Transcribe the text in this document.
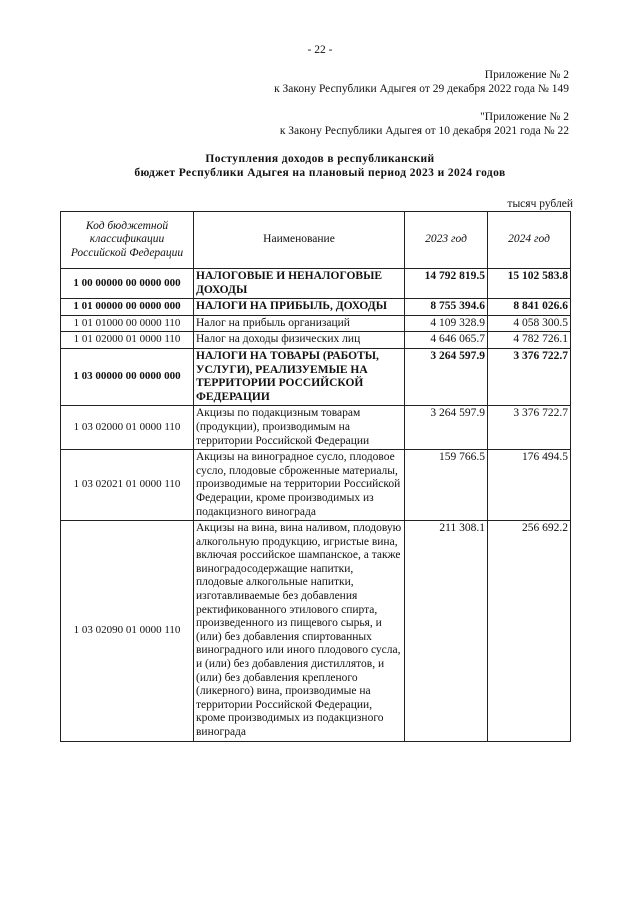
- 22 -
Приложение № 2
к Закону Республики Адыгея от 29 декабря 2022 года № 149
"Приложение № 2
к Закону Республики Адыгея от 10 декабря 2021 года № 22
Поступления доходов в республиканский
бюджет Республики Адыгея на плановый период 2023 и 2024 годов
тысяч рублей
Код бюджетной классификации Российской Федерации	Наименование	2023 год	2024 год
1 00 00000 00 0000 000	НАЛОГОВЫЕ И НЕНАЛОГОВЫЕ ДОХОДЫ	14 792 819.5	15 102 583.8
1 01 00000 00 0000 000	НАЛОГИ НА ПРИБЫЛЬ, ДОХОДЫ	8 755 394.6	8 841 026.6
1 01 01000 00 0000 110	Налог на прибыль организаций	4 109 328.9	4 058 300.5
1 01 02000 01 0000 110	Налог на доходы физических лиц	4 646 065.7	4 782 726.1
1 03 00000 00 0000 000	НАЛОГИ НА ТОВАРЫ (РАБОТЫ, УСЛУГИ), РЕАЛИЗУЕМЫЕ НА ТЕРРИТОРИИ РОССИЙСКОЙ ФЕДЕРАЦИИ	3 264 597.9	3 376 722.7
1 03 02000 01 0000 110	Акцизы по подакцизным товарам (продукции), производимым на территории Российской Федерации	3 264 597.9	3 376 722.7
1 03 02021 01 0000 110	Акцизы на виноградное сусло, плодовое сусло, плодовые сброженные материалы, производимые на территории Российской Федерации, кроме производимых из подакцизного винограда	159 766.5	176 494.5
1 03 02090 01 0000 110	Акцизы на вина, вина наливом, плодовую алкогольную продукцию, игристые вина, включая российское шампанское, а также виноградосодержащие напитки, плодовые алкогольные напитки, изготавливаемые без добавления ректификованного этилового спирта, произведенного из пищевого сырья, и (или) без добавления спиртованных виноградного или иного плодового сусла, и (или) без добавления дистиллятов, и (или) без добавления крепленого (ликерного) вина, производимые на территории Российской Федерации, кроме производимых из подакцизного винограда	211 308.1	256 692.2
